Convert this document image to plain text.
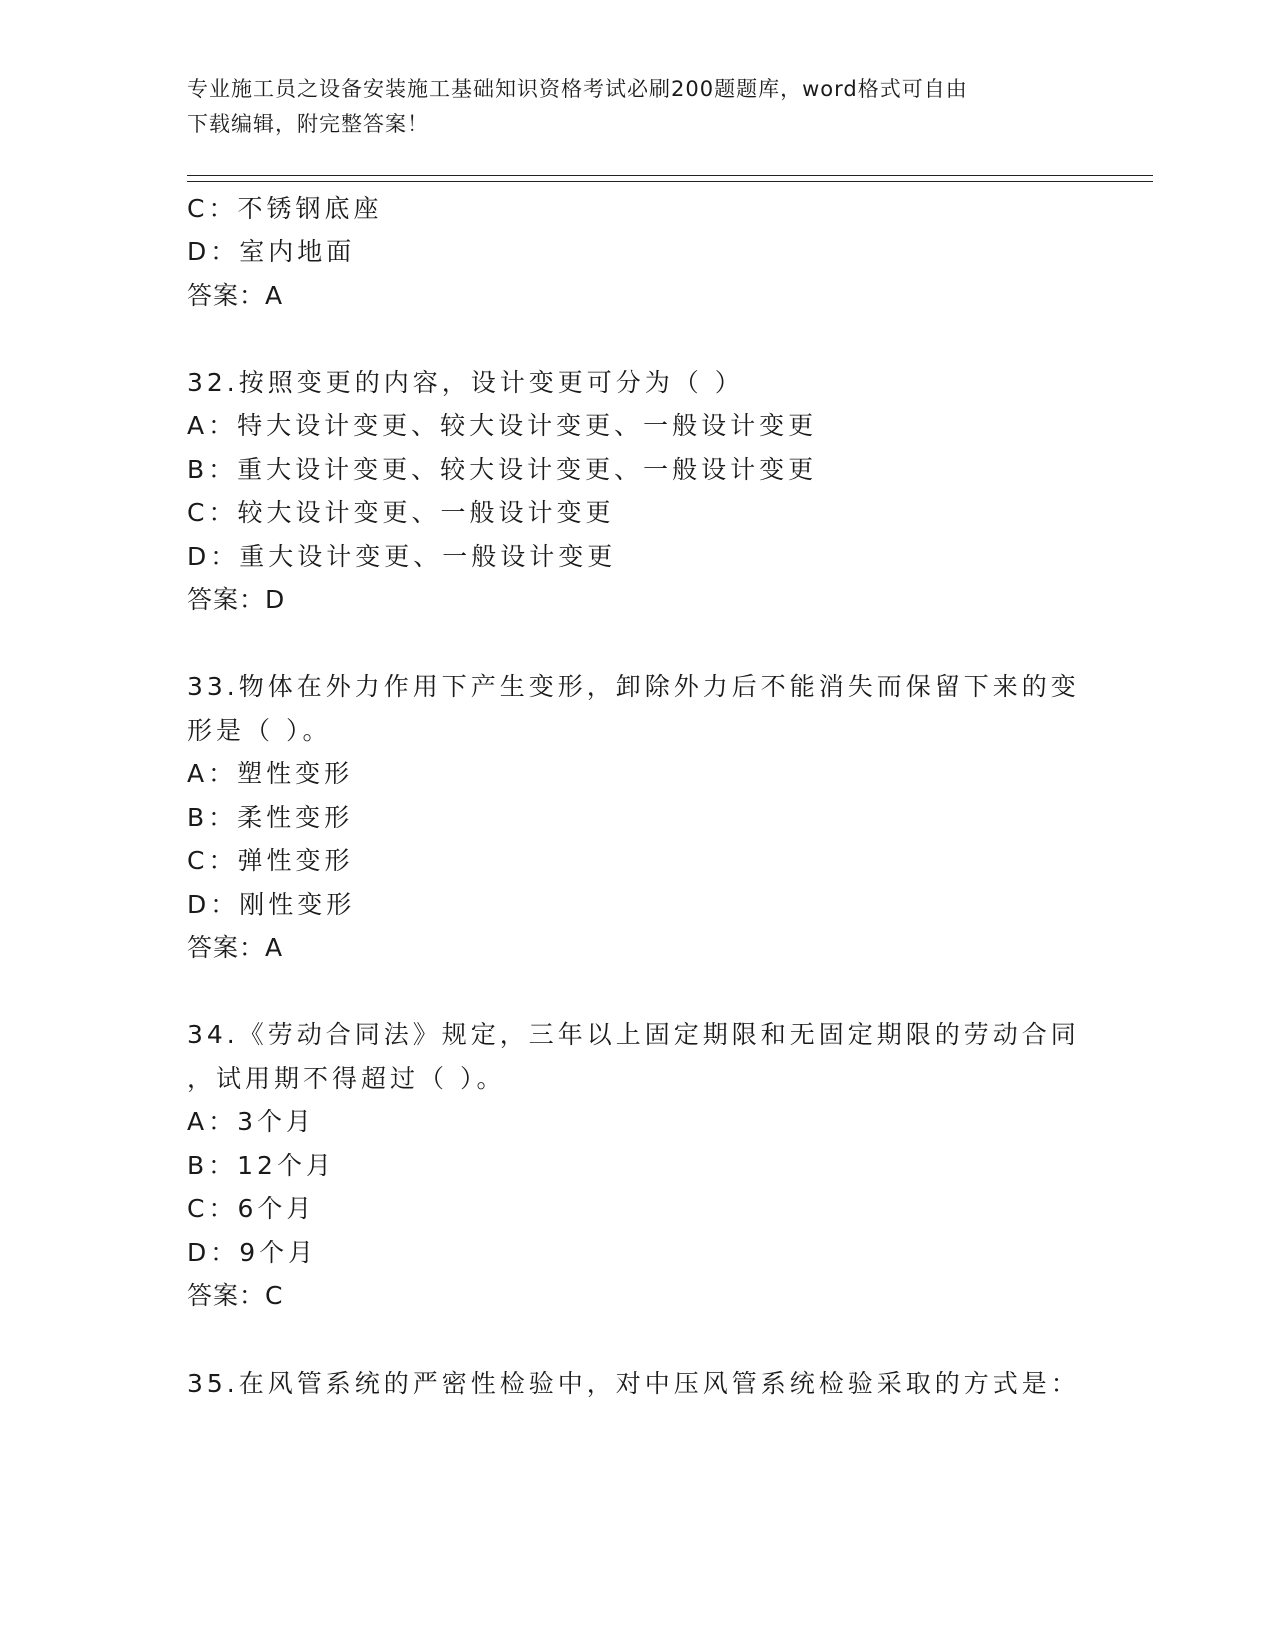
专业施工员之设备安装施工基础知识资格考试必刷200题题库，word格式可自由
下载编辑，附完整答案！
C：不锈钢底座
D：室内地面
答案：A
32.按照变更的内容，设计变更可分为（ ）
A：特大设计变更、较大设计变更、一般设计变更
B：重大设计变更、较大设计变更、一般设计变更
C：较大设计变更、一般设计变更
D：重大设计变更、一般设计变更
答案：D
33.物体在外力作用下产生变形，卸除外力后不能消失而保留下来的变
形是（ ）。
A：塑性变形
B：柔性变形
C：弹性变形
D：刚性变形
答案：A
34.《劳动合同法》规定，三年以上固定期限和无固定期限的劳动合同
，试用期不得超过（ ）。
A：3个月
B：12个月
C：6个月
D：9个月
答案：C
35.在风管系统的严密性检验中，对中压风管系统检验采取的方式是：
